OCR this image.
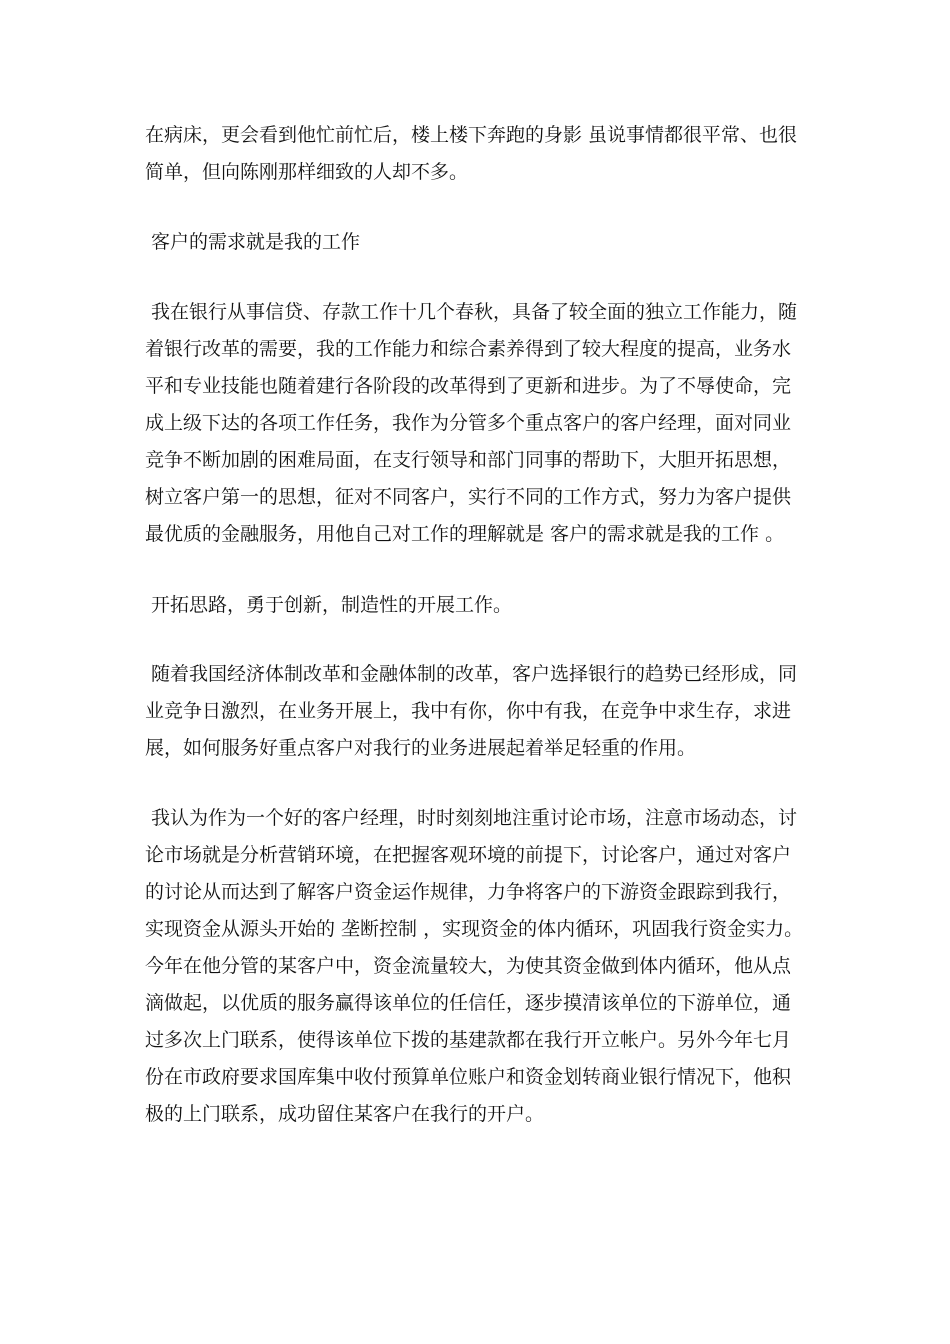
在病床，更会看到他忙前忙后，楼上楼下奔跑的身影 虽说事情都很平常、也很
简单，但向陈刚那样细致的人却不多。
客户的需求就是我的工作
我在银行从事信贷、存款工作十几个春秋，具备了较全面的独立工作能力，随
着银行改革的需要，我的工作能力和综合素养得到了较大程度的提高，业务水
平和专业技能也随着建行各阶段的改革得到了更新和进步。为了不辱使命，完
成上级下达的各项工作任务，我作为分管多个重点客户的客户经理，面对同业
竞争不断加剧的困难局面，在支行领导和部门同事的帮助下，大胆开拓思想，
树立客户第一的思想，征对不同客户，实行不同的工作方式，努力为客户提供
最优质的金融服务，用他自己对工作的理解就是 客户的需求就是我的工作 。
开拓思路，勇于创新，制造性的开展工作。
随着我国经济体制改革和金融体制的改革，客户选择银行的趋势已经形成，同
业竞争日激烈，在业务开展上，我中有你，你中有我，在竞争中求生存，求进
展，如何服务好重点客户对我行的业务进展起着举足轻重的作用。
我认为作为一个好的客户经理，时时刻刻地注重讨论市场，注意市场动态，讨
论市场就是分析营销环境，在把握客观环境的前提下，讨论客户，通过对客户
的讨论从而达到了解客户资金运作规律，力争将客户的下游资金跟踪到我行，
实现资金从源头开始的 垄断控制 ，实现资金的体内循环，巩固我行资金实力。
今年在他分管的某客户中，资金流量较大，为使其资金做到体内循环，他从点
滴做起，以优质的服务赢得该单位的任信任，逐步摸清该单位的下游单位，通
过多次上门联系，使得该单位下拨的基建款都在我行开立帐户。另外今年七月
份在市政府要求国库集中收付预算单位账户和资金划转商业银行情况下，他积
极的上门联系，成功留住某客户在我行的开户。
